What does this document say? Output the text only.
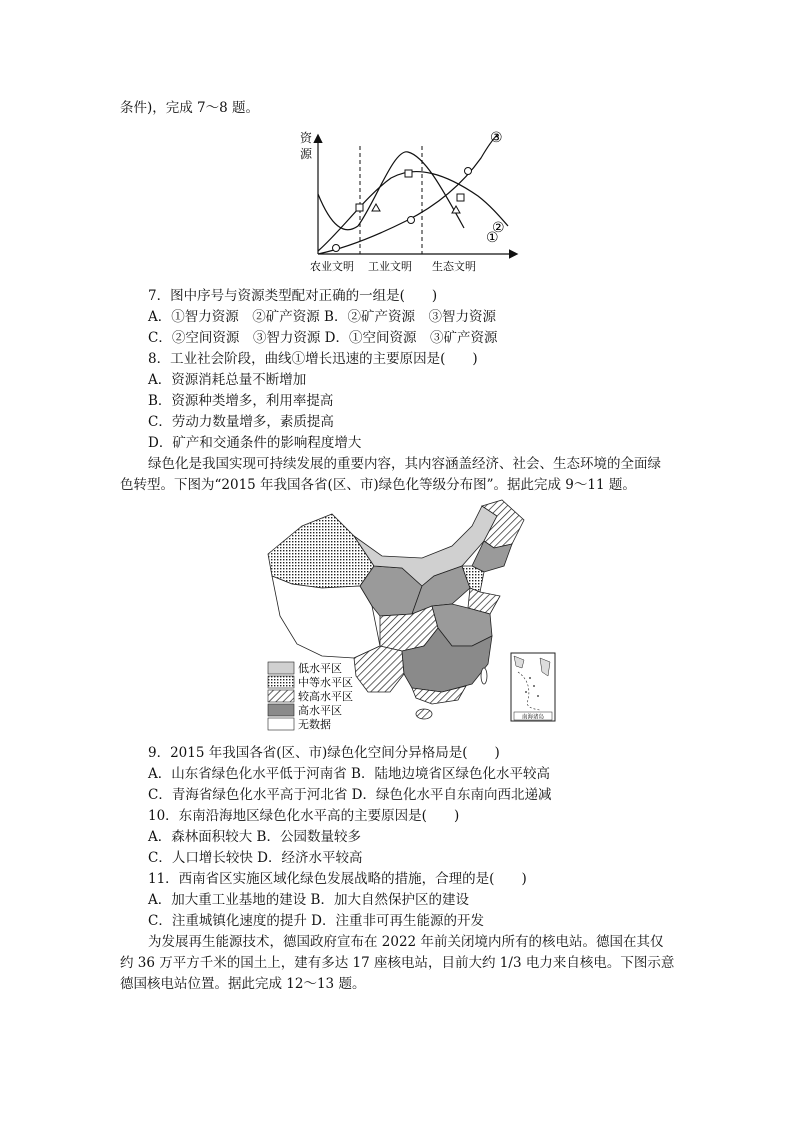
条件)，完成 7～8 题。
资
源
①
②
③
农业文明 工业文明 生态文明
7．图中序号与资源类型配对正确的一组是(　　)
A．①智力资源　②矿产资源 B．②矿产资源　③智力资源
C．②空间资源　③智力资源 D．①空间资源　③矿产资源
8．工业社会阶段，曲线①增长迅速的主要原因是(　　)
A．资源消耗总量不断增加
B．资源种类增多，利用率提高
C．劳动力数量增多，素质提高
D．矿产和交通条件的影响程度增大
绿色化是我国实现可持续发展的重要内容，其内容涵盖经济、社会、生态环境的全面绿
色转型。下图为“2015 年我国各省(区、市)绿色化等级分布图”。据此完成 9～11 题。
低水平区
中等水平区
较高水平区
高水平区
无数据
南海诸岛
9．2015 年我国各省(区、市)绿色化空间分异格局是(　　)
A．山东省绿色化水平低于河南省 B．陆地边境省区绿色化水平较高
C．青海省绿色化水平高于河北省 D．绿色化水平自东南向西北递减
10．东南沿海地区绿色化水平高的主要原因是(　　)
A．森林面积较大 B．公园数量较多
C．人口增长较快 D．经济水平较高
11．西南省区实施区域化绿色发展战略的措施，合理的是(　　)
A．加大重工业基地的建设 B．加大自然保护区的建设
C．注重城镇化速度的提升 D．注重非可再生能源的开发
为发展再生能源技术，德国政府宣布在 2022 年前关闭境内所有的核电站。德国在其仅
约 36 万平方千米的国土上，建有多达 17 座核电站，目前大约 1/3 电力来自核电。下图示意
德国核电站位置。据此完成 12～13 题。
